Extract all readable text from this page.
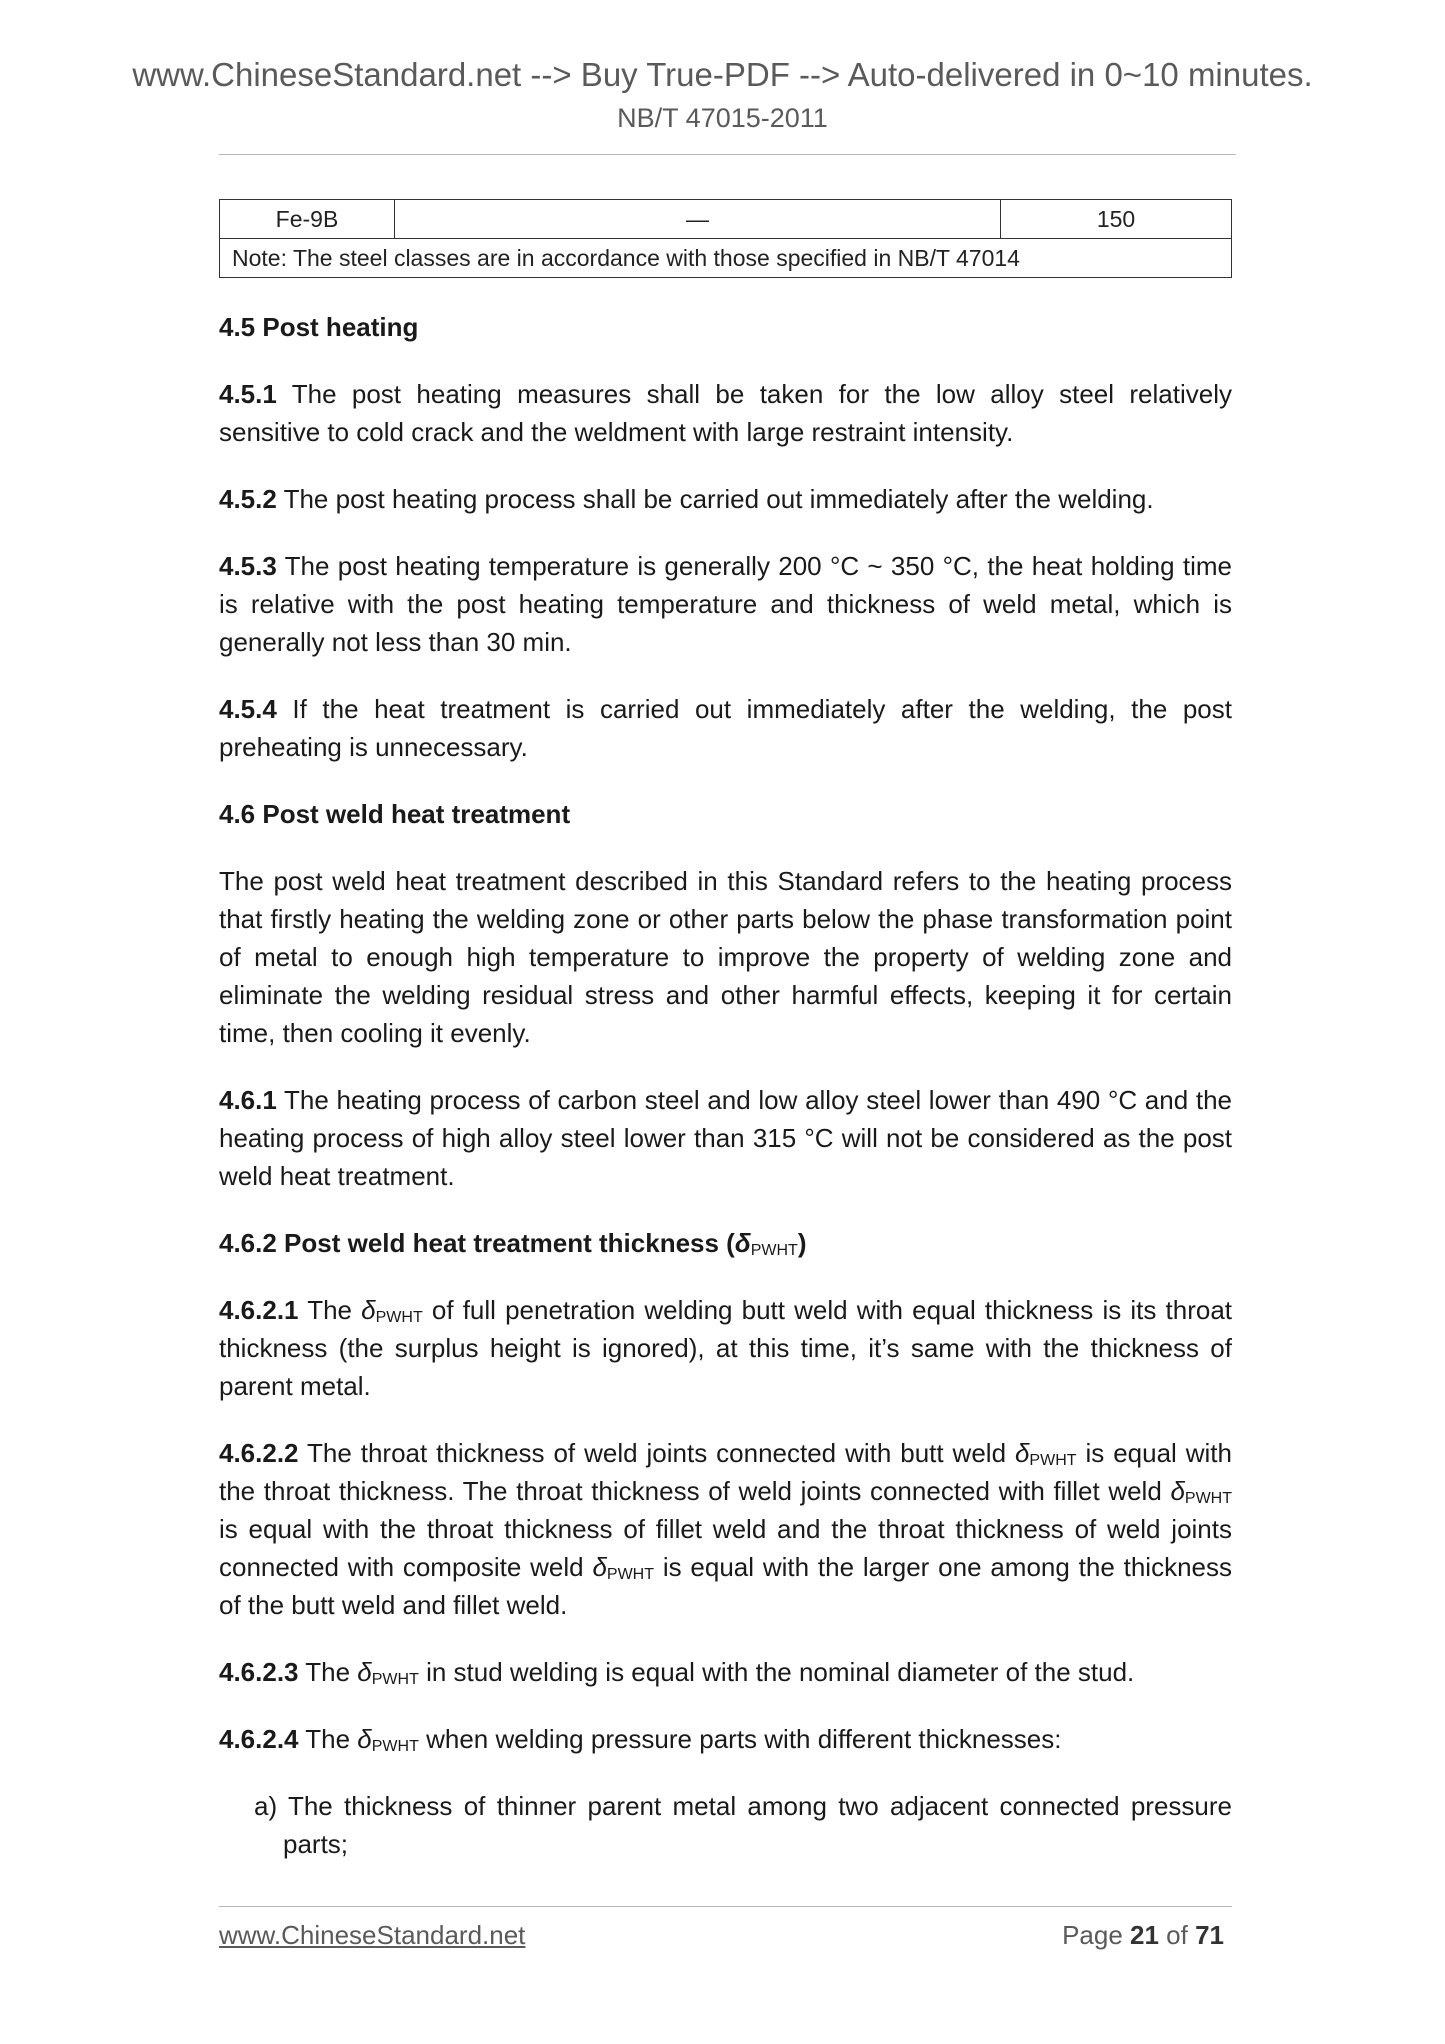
www.ChineseStandard.net --> Buy True-PDF --> Auto-delivered in 0~10 minutes.
NB/T 47015-2011
Fe-9B	—	150
Note: The steel classes are in accordance with those specified in NB/T 47014

4.5 Post heating

4.5.1 The post heating measures shall be taken for the low alloy steel relatively sensitive to cold crack and the weldment with large restraint intensity.

4.5.2 The post heating process shall be carried out immediately after the welding.

4.5.3 The post heating temperature is generally 200 °C ~ 350 °C, the heat holding time is relative with the post heating temperature and thickness of weld metal, which is generally not less than 30 min.

4.5.4 If the heat treatment is carried out immediately after the welding, the post preheating is unnecessary.

4.6 Post weld heat treatment

The post weld heat treatment described in this Standard refers to the heating process that firstly heating the welding zone or other parts below the phase transformation point of metal to enough high temperature to improve the property of welding zone and eliminate the welding residual stress and other harmful effects, keeping it for certain time, then cooling it evenly.

4.6.1 The heating process of carbon steel and low alloy steel lower than 490 °C and the heating process of high alloy steel lower than 315 °C will not be considered as the post weld heat treatment.

4.6.2 Post weld heat treatment thickness $(\delta_{PWHT})$

4.6.2.1 The $\delta_{PWHT}$ of full penetration welding butt weld with equal thickness is its throat thickness (the surplus height is ignored), at this time, it’s same with the thickness of parent metal.

4.6.2.2 The throat thickness of weld joints connected with butt weld $\delta_{PWHT}$ is equal with the throat thickness. The throat thickness of weld joints connected with fillet weld $\delta_{PWHT}$ is equal with the throat thickness of fillet weld and the throat thickness of weld joints connected with composite weld $\delta_{PWHT}$ is equal with the larger one among the thickness of the butt weld and fillet weld.

4.6.2.3 The $\delta_{PWHT}$ in stud welding is equal with the nominal diameter of the stud.

4.6.2.4 The $\delta_{PWHT}$ when welding pressure parts with different thicknesses:

a) The thickness of thinner parent metal among two adjacent connected pressure parts;

www.ChineseStandard.net	Page 21 of 71
